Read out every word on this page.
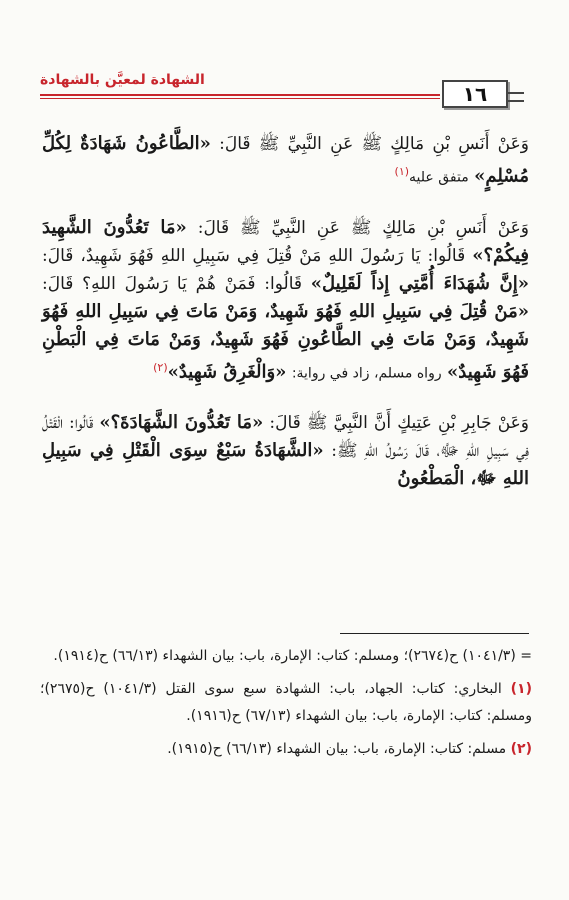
الشهادة لمعيَّن بالشهادة
١٦

وَعَنْ أَنَسِ بْنِ مَالِكٍ ﷺ عَنِ النَّبِيِّ ﷺ قَالَ: «الطَّاعُونُ شَهَادَةٌ لِكُلِّ مُسْلِمٍ» متفق عليه$^{(١)}$

وَعَنْ أَنَسِ بْنِ مَالِكٍ ﷺ عَنِ النَّبِيِّ ﷺ قَالَ: «مَا تَعُدُّونَ الشَّهِيدَ فِيكُمْ؟» قَالُوا: يَا رَسُولَ اللهِ مَنْ قُتِلَ فِي سَبِيلِ اللهِ فَهُوَ شَهِيدٌ، قَالَ: «إِنَّ شُهَدَاءَ أُمَّتِي إِذاً لَقَلِيلٌ» قَالُوا: فَمَنْ هُمْ يَا رَسُولَ اللهِ؟ قَالَ: «مَنْ قُتِلَ فِي سَبِيلِ اللهِ فَهُوَ شَهِيدٌ، وَمَنْ مَاتَ فِي سَبِيلِ اللهِ فَهُوَ شَهِيدٌ، وَمَنْ مَاتَ فِي الطَّاعُونِ فَهُوَ شَهِيدٌ، وَمَنْ مَاتَ فِي الْبَطْنِ فَهُوَ شَهِيدٌ» رواه مسلم، زاد في رواية: «وَالْغَرِقُ شَهِيدٌ»$^{(٢)}$

وَعَنْ جَابِرِ بْنِ عَتِيكٍ أَنَّ النَّبِيَّ ﷺ قَالَ: «مَا تَعُدُّونَ الشَّهَادَةَ؟» قَالُوا: الْقَتْلُ فِي سَبِيلِ اللهِ ﷻ، قَالَ رَسُولُ اللهِ ﷺ: «الشَّهَادَةُ سَبْعٌ سِوَى الْقَتْلِ فِي سَبِيلِ اللهِ ﷻ، الْمَطْعُونُ

= (١٠٤١/٣) ح(٢٦٧٤)؛ ومسلم: كتاب: الإمارة، باب: بيان الشهداء (٦٦/١٣) ح(١٩١٤).

(١) البخاري: كتاب: الجهاد، باب: الشهادة سبع سوى القتل (١٠٤١/٣) ح(٢٦٧٥)؛ ومسلم: كتاب: الإمارة، باب: بيان الشهداء (٦٧/١٣) ح(١٩١٦).

(٢) مسلم: كتاب: الإمارة، باب: بيان الشهداء (٦٦/١٣) ح(١٩١٥).
